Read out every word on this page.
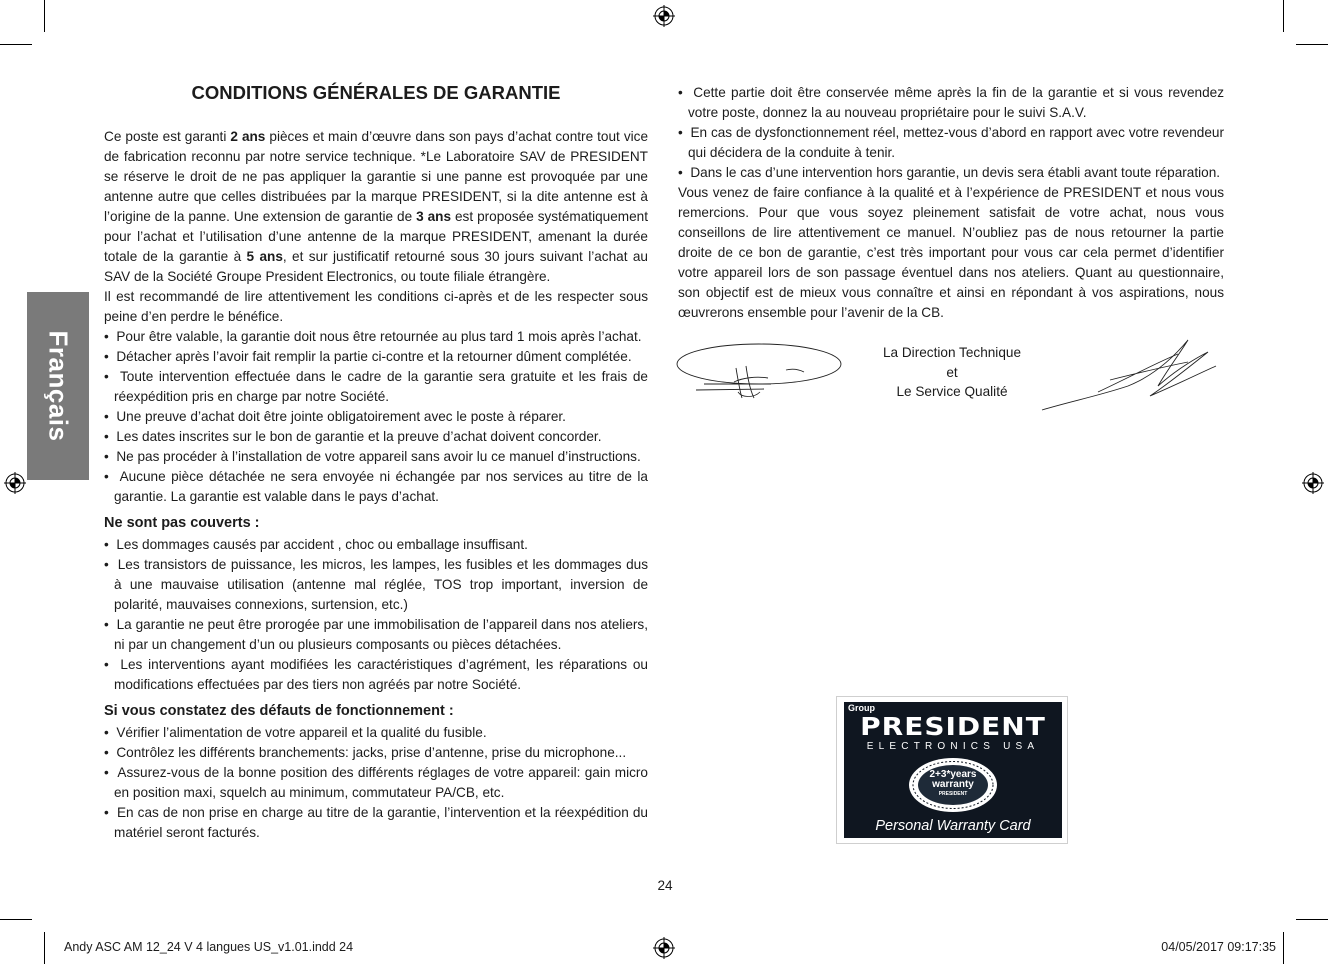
Français
CONDITIONS GÉNÉRALES DE GARANTIE

Ce poste est garanti 2 ans pièces et main d’œuvre dans son pays d’achat contre tout vice de fabrication reconnu par notre service technique. *Le Laboratoire SAV de PRESIDENT se réserve le droit de ne pas appliquer la garantie si une panne est provoquée par une antenne autre que celles distribuées par la marque PRESIDENT, si la dite antenne est à l’origine de la panne. Une extension de garantie de 3 ans est proposée systématiquement pour l’achat et l’utilisation d’une antenne de la marque PRESIDENT, amenant la durée totale de la garantie à 5 ans, et sur justificatif retourné sous 30 jours suivant l’achat au SAV de la Société Groupe President Electronics, ou toute filiale étrangère.

Il est recommandé de lire attentivement les conditions ci-après et de les respecter sous peine d’en perdre le bénéfice.

•  Pour être valable, la garantie doit nous être retournée au plus tard 1 mois après l’achat.

•  Détacher après l’avoir fait remplir la partie ci-contre et la retourner dûment complétée.

•  Toute intervention effectuée dans le cadre de la garantie sera gratuite et les frais de réexpédition pris en charge par notre Société.

•  Une preuve d’achat doit être jointe obligatoirement avec le poste à réparer.

•  Les dates inscrites sur le bon de garantie et la preuve d’achat doivent concorder.

•  Ne pas procéder à l’installation de votre appareil sans avoir lu ce manuel d’instructions.

•  Aucune pièce détachée ne sera envoyée ni échangée par nos services au titre de la garantie. La garantie est valable dans le pays d’achat.

Ne sont pas couverts :

•  Les dommages causés par accident , choc ou emballage insuffisant.

•  Les transistors de puissance, les micros, les lampes, les fusibles et les dommages dus à une mauvaise utilisation (antenne mal réglée, TOS trop important, inversion de polarité, mauvaises connexions, surtension, etc.)

•  La garantie ne peut être prorogée par une immobilisation de l’appareil dans nos ateliers, ni par un changement d’un ou plusieurs composants ou pièces détachées.

•  Les interventions ayant modifiées les caractéristiques d’agrément, les réparations ou modifications effectuées par des tiers non agréés par notre Société.

Si vous constatez des défauts de fonctionnement :

•  Vérifier l’alimentation de votre appareil et la qualité du fusible.

•  Contrôlez les différents branchements: jacks, prise d’antenne, prise du microphone...

•  Assurez-vous de la bonne position des différents réglages de votre appareil: gain micro en position maxi, squelch au minimum, commutateur PA/CB, etc.

•  En cas de non prise en charge au titre de la garantie, l’intervention et la réexpédition du matériel seront facturés.

•  Cette partie doit être conservée même après la fin de la garantie et si vous revendez votre poste, donnez la au nouveau propriétaire pour le suivi S.A.V.

•  En cas de dysfonctionnement réel, mettez-vous d’abord en rapport avec votre revendeur qui décidera de la conduite à tenir.

•  Dans le cas d’une intervention hors garantie, un devis sera établi avant toute réparation.

Vous venez de faire confiance à la qualité et à l’expérience de PRESIDENT et nous vous remercions. Pour que vous soyez pleinement satisfait de votre achat, nous vous conseillons de lire attentivement ce manuel. N’oubliez pas de nous retourner la partie droite de ce bon de garantie, c’est très important pour vous car cela permet d’identifier votre appareil lors de son passage éventuel dans nos ateliers. Quant au questionnaire, son objectif est de mieux vous connaître et ainsi en répondant à vos aspirations, nous œuvrerons ensemble pour l’avenir de la CB.

La Direction Technique
et
Le Service Qualité
Group
PRESIDENT
ELECTRONICS USA
2+3*years
warranty
PRESIDENT
Personal Warranty Card
24
Andy ASC AM 12_24 V 4 langues US_v1.01.indd 24	04/05/2017 09:17:35
